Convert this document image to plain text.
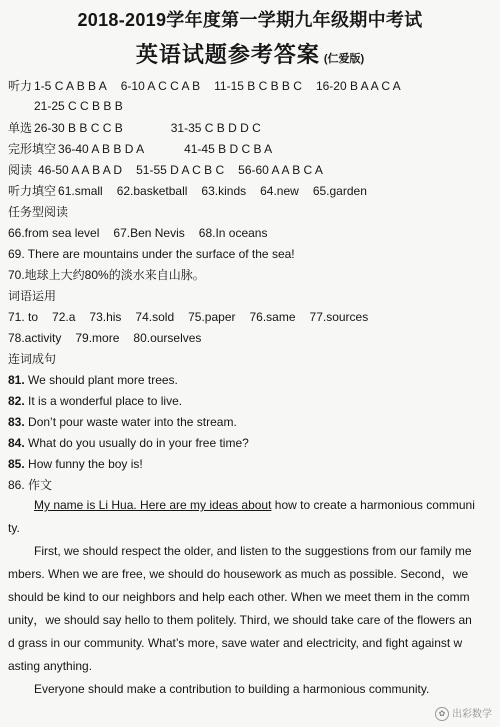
2018-2019学年度第一学期九年级期中考试
英语试题参考答案 (仁爱版)
听力 1-5 C A B B A 6-10 A C C A B 11-15 B C B B C 16-20 B A A C A
21-25 C C B B B
单选 26-30 B B C C B	31-35 C B D D C
完形填空 36-40 A B B D A	41-45 B D C B A
阅读 46-50 A A B A D 51-55 D A C B C 56-60 A A B C A
听力填空 61.small 62.basketball 63.kinds 64.new 65.garden
任务型阅读
66.from sea level 67.Ben Nevis 68.In oceans
69. There are mountains under the surface of the sea!
70.地球上大约80%的淡水来自山脉。
词语运用
71. to 72.a 73.his 74.sold 75.paper 76.same 77.sources
78.activity 79.more 80.ourselves
连词成句
81. We should plant more trees.
82. It is a wonderful place to live.
83. Don’t pour waste water into the stream.
84. What do you usually do in your free time?
85. How funny the boy is!
86. 作文
My name is Li Hua. Here are my ideas about how to create a harmonious communi
ty.
First, we should respect the older, and listen to the suggestions from our family me
mbers. When we are free, we should do housework as much as possible. Second，we
should be kind to our neighbors and help each other. When we meet them in the comm
unity，we should say hello to them politely. Third, we should take care of the flowers an
d grass in our community. What’s more, save water and electricity, and fight against w
asting anything.
Everyone should make a contribution to building a harmonious community.
✿ 出彩数学
